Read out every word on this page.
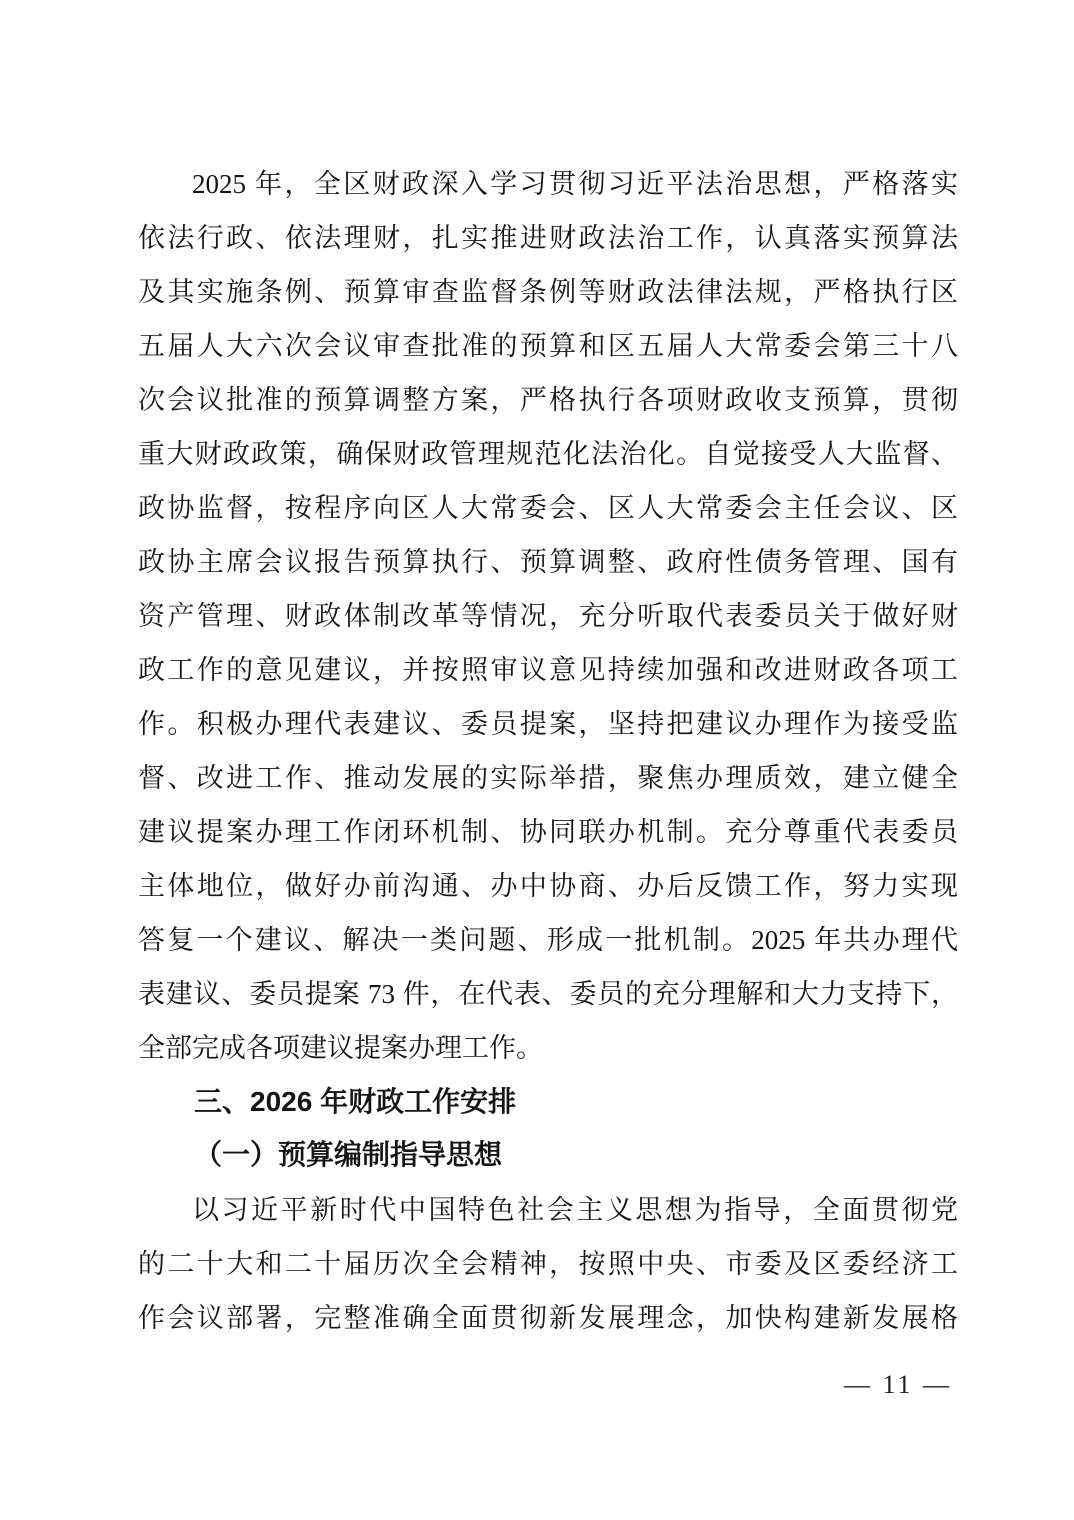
2025 年，全区财政深入学习贯彻习近平法治思想，严格落实

依法行政、依法理财，扎实推进财政法治工作，认真落实预算法

及其实施条例、预算审查监督条例等财政法律法规，严格执行区

五届人大六次会议审查批准的预算和区五届人大常委会第三十八

次会议批准的预算调整方案，严格执行各项财政收支预算，贯彻

重大财政政策，确保财政管理规范化法治化。自觉接受人大监督、

政协监督，按程序向区人大常委会、区人大常委会主任会议、区

政协主席会议报告预算执行、预算调整、政府性债务管理、国有

资产管理、财政体制改革等情况，充分听取代表委员关于做好财

政工作的意见建议，并按照审议意见持续加强和改进财政各项工

作。积极办理代表建议、委员提案，坚持把建议办理作为接受监

督、改进工作、推动发展的实际举措，聚焦办理质效，建立健全

建议提案办理工作闭环机制、协同联办机制。充分尊重代表委员

主体地位，做好办前沟通、办中协商、办后反馈工作，努力实现

答复一个建议、解决一类问题、形成一批机制。2025 年共办理代

表建议、委员提案 73 件，在代表、委员的充分理解和大力支持下，

全部完成各项建议提案办理工作。

三、2026 年财政工作安排
（一）预算编制指导思想

以习近平新时代中国特色社会主义思想为指导，全面贯彻党

的二十大和二十届历次全会精神，按照中央、市委及区委经济工

作会议部署，完整准确全面贯彻新发展理念，加快构建新发展格

— 11 —
